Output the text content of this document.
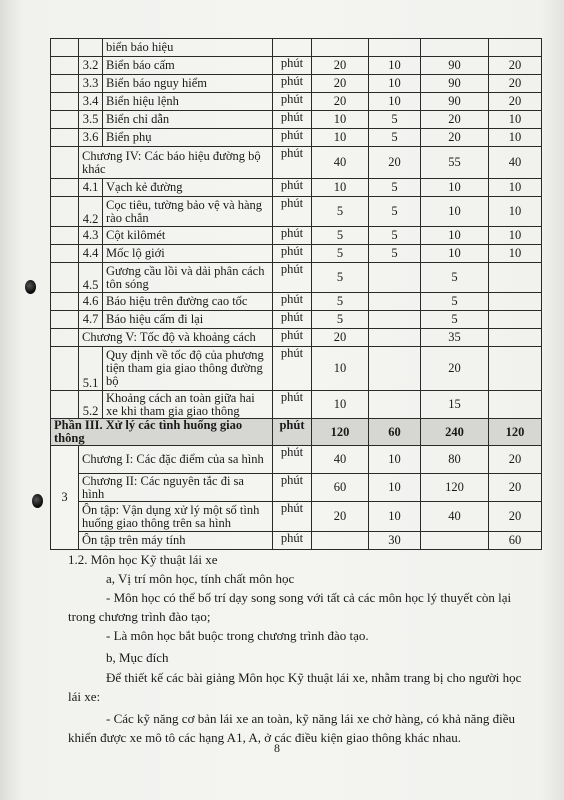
		biển báo hiệu					
	3.2	Biển báo cấm	phút	20	10	90	20
	3.3	Biển báo nguy hiểm	phút	20	10	90	20
	3.4	Biển hiệu lệnh	phút	20	10	90	20
	3.5	Biển chỉ dẫn	phút	10	5	20	10
	3.6	Biển phụ	phút	10	5	20	10
	Chương IV: Các báo hiệu đường bộ khác		phút	40	20	55	40
	4.1	Vạch kẻ đường	phút	10	5	10	10
	4.2	Cọc tiêu, tường bảo vệ và hàng rào chắn	phút	5	5	10	10
	4.3	Cột kilômét	phút	5	5	10	10
	4.4	Mốc lộ giới	phút	5	5	10	10
	4.5	Gương cầu lồi và dải phân cách tôn sóng	phút	5		5	
	4.6	Báo hiệu trên đường cao tốc	phút	5		5	
	4.7	Báo hiệu cấm đi lại	phút	5		5	
	Chương V: Tốc độ và khoảng cách		phút	20		35	
	5.1	Quy định về tốc độ của phương tiện tham gia giao thông đường bộ	phút	10		20	
	5.2	Khoảng cách an toàn giữa hai xe khi tham gia giao thông	phút	10		15	
Phần III. Xử lý các tình huống giao thông			phút	120	60	240	120
3	Chương I: Các đặc điểm của sa hình		phút	40	10	80	20
	Chương II: Các nguyên tắc đi sa hình		phút	60	10	120	20
	Ôn tập: Vận dụng xử lý một số tình huống giao thông trên sa hình		phút	20	10	40	20
	Ôn tập trên máy tính		phút		30		60

1.2. Môn học Kỹ thuật lái xe

a, Vị trí môn học, tính chất môn học

- Môn học có thể bố trí dạy song song với tất cả các môn học lý thuyết còn lại

trong chương trình đào tạo;

- Là môn học bắt buộc trong chương trình đào tạo.

b, Mục đích

Để thiết kế các bài giảng Môn học Kỹ thuật lái xe, nhằm trang bị cho người học

lái xe:

- Các kỹ năng cơ bản lái xe an toàn, kỹ năng lái xe chở hàng, có khả năng điều

khiển được xe mô tô các hạng A1, A, ở các điều kiện giao thông khác nhau.

8
